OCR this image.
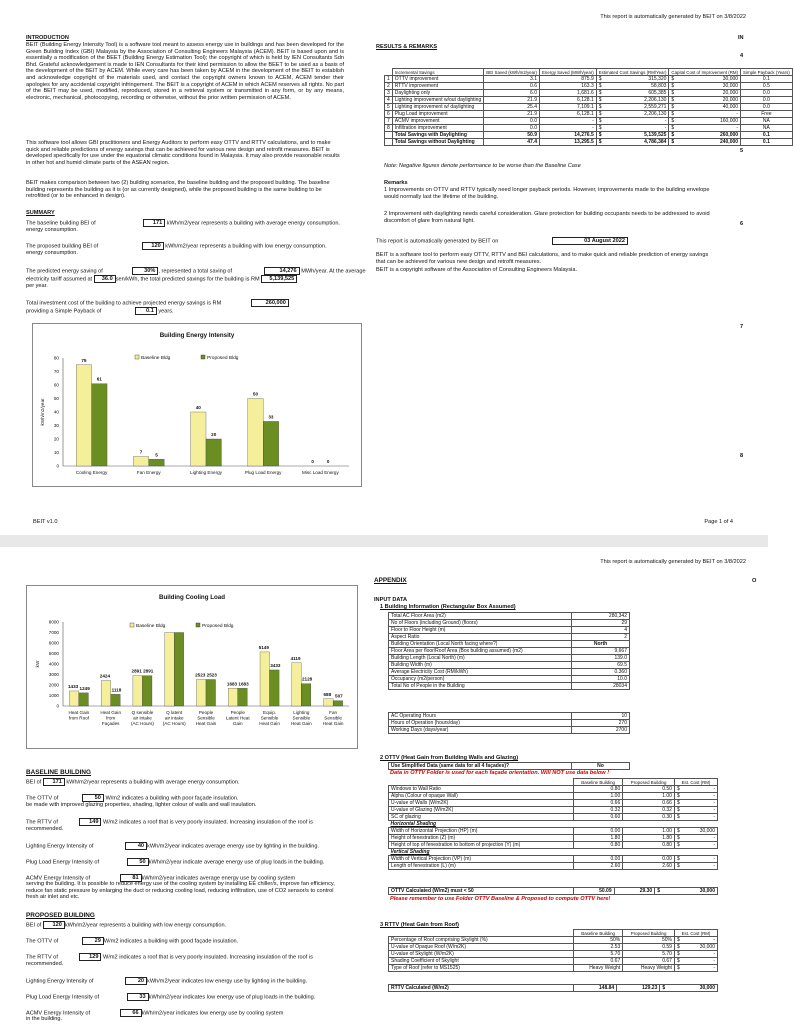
This report is automatically generated by BEIT on 3/8/2022
INTRODUCTION
BEIT (Building Energy Intensity Tool) is a software tool meant to assess energy use in buildings and has been developed for the Green Building Index (GBI) Malaysia by the Association of Consulting Engineers Malaysia (ACEM). BEIT is based upon and is essentially a modification of the BEET (Building Energy Estimation Tool); the copyright of which is held by IEN Consultants Sdn Bhd. Grateful acknowledgement is made to IEN Consultants for their kind permission to allow the BEET to be used as a basis of the development of the BEIT by ACEM. While every care has been taken by ACEM in the development of the BEIT to establish and acknowledge copyright of the materials used, and contact the copyright owners known to ACEM, ACEM tender their apologies for any accidental copyright infringement. The BEIT is a copyright of ACEM in which ACEM reserves all rights. No part of the BEIT may be used, modified, reproduced, stored in a retrieval system or transmitted in any form, or by any means, electronic, mechanical, photocopying, recording or otherwise, without the prior written permission of ACEM.
This software tool allows GBI practitioners and Energy Auditors to perform easy OTTV and RTTV calculations, and to make quick and reliable predictions of energy savings that can be achieved for various new design and retrofit measures. BEIT is developed specifically for use under the equatorial climatic conditions found in Malaysia. It may also provide reasonable results in other hot and humid climate parts of the ASEAN region.
BEIT makes comparison between two (2) building scenarios, the baseline building and the proposed building. The baseline building represents the building as it is (or as currently designed), while the proposed building is the same building to be retrofitted (or to be enhanced in design).
SUMMARY
The baseline building BEI of	171 kWh/m2/year represents a building with average energy consumption.
energy consumption.
The proposed building BEI of	120 kWh/m2/year represents a building with low energy consumption.
energy consumption.
The predicted energy saving of	30% , represented a total saving of	14,276 MWh/year. At the average
electricity tariff assumed at 36.0 sen/kWh, the total predicted savings for the building is RM 5,139,525
per year.
Total investment cost of the building to achieve projected energy savings is RM	260,000
providing a Simple Payback of	0.1 years.
Building Energy Intensity
Baseline Bldg	Proposed Bldg
0
10
20
30
40
50
60
70
80
kWh/m2/year
75
61
Cooling Energy
7
5
Fan Energy
40
20
Lighting Energy
50
33
Plug Load Energy
0	0
Misc Load Energy
RESULTS & REMARKS
	Incremental Savings	BEI Saved (kWh/m2/year)	Energy Saved (MWh/year)	Estimated Cost Savings (RM/Year)		Capital Cost of Improvement (RM)		Simple Payback (Years)
1	OTTV improvement	3.1	875.9	$	315,320	$	30,000	0.1
2	RTTV improvement	0.6	163.3	$	58,803	$	30,000	0.5
3	Daylighting only	6.0	1,681.6	$	605,385	$	20,000	0.0
4	Lighting improvement w/out daylighting	21.9	6,128.1	$	2,206,130	$	20,000	0.0
5	Lighting improvement w/ daylighting	25.4	7,109.1	$	2,559,271	$	40,000	0.0
6	Plug Load improvement	21.9	6,128.1	$	2,206,130	$	-	Free
7	ACMV improvement	0.0	-	$	-	$	160,000	NA
8	Infiltration improvement	0.0	-	$	-	$	-	NA
	Total Savings with Daylighting	50.9	14,276.5	$	5,139,525	$	260,000	0.1
	Total Savings without Daylighting	47.4	13,295.5	$	4,786,384	$	240,000	0.1
Note: Negative figures denote performance to be worse than the Baseline Case
Remarks
1 Improvements on OTTV and RTTV typically need longer payback periods. However, improvements made to the building envelope would normally last the lifetime of the building.
2 Improvement with daylighting needs careful consideration. Glare protection for building occupants needs to be addressed to avoid discomfort of glare from natural light.
This report is automatically generated by BEIT on	03 August 2022
BEIT is a software tool to perform easy OTTV, RTTV and BEI calculations, and to make quick and reliable prediction of energy savings that can be achieved for various new design and retrofit measures.
BEIT is a copyright software of the Association of Consulting Engineers Malaysia.
IN
4
5
6
7
8
BEIT v1.0	Page 1 of 4
This report is automatically generated by BEIT on 3/8/2022
Building Cooling Load
Baseline Bldg	Proposed Bldg
0
1000
2000
3000
4000
5000
6000
7000
8000
kW
1433 1249
Heat Gain from Roof
2424
1118
Heat Gain from Façades
2891 2891
Q sensible air intake (AC Hours)
Q latent air intake (AC Hours)
2523 2523
People Sensible Heat Gain
1683 1683
People Latent Heat Gain
5149
3433
Equip. Sensible Heat Gain
4119
2128
Lighting Sensible Heat Gain
688 507
Fan Sensible Heat Gain
BASELINE BUILDING
BEI of 171 kWh/m2/year represents a building with average energy consumption.
The OTTV of	50 W/m2 indicates a building with poor façade insulation.
be made with improved glazing properties, shading, lighter colour of walls and wall insulation.
The RTTV of	149 W/m2 indicates a roof that is very poorly insulated. Increasing insulation of the roof is
recommended.
Lighting Energy Intensity of	40 kWh/m2/year indicates average energy use by lighting in the building.
Plug Load Energy Intensity of	50 kWh/m2/year indicate average energy use of plug loads in the building.
ACMV Energy Intensity of	81 kWh/m2/year indicates average energy use by cooling system
serving the building. It is possible to reduce energy use of the cooling system by installing EE chiller/s, improve fan efficiency, reduce fan static pressure by enlarging the duct or reducing cooling load, reducing infiltration, use of CO2 sensor/s to control fresh air inlet and etc.
PROPOSED BUILDING
BEI of 120 kWh/m2/year represents a building with low energy consumption.
The OTTV of	29 W/m2 indicates a building with good façade insulation.
The RTTV of	129 W/m2 indicates a roof that is very poorly insulated. Increasing insulation of the roof is
recommended.
Lighting Energy Intensity of	20 kWh/m2/year indicates low energy use by lighting in the building.
Plug Load Energy Intensity of	33 kWh/m2/year indicates low energy use of plug loads in the building.
ACMV Energy Intensity of	66 kWh/m2/year indicates low energy use by cooling system
in the building.
APPENDIX	O
INPUT DATA
1 Building Information (Rectangular Box Assumed)
Total AC Floor Area (m2)	280,342
No of Floors (including Ground) (floors)	29
Floor to Floor Height (m)	4
Aspect Ratio	2
Building Orientation (Local North facing where?)	North
Floor Area per floor/Roof Area (Box building assumed) (m2)	9,667
Building Length (Local North) (m)	139.0
Building Width (m)	69.5
Average Electricity Cost (RM/kWh)	0.360
Occupancy (m2/person)	10.0
Total No of People in the Building	28034
AC Operating Hours	10
Hours of Operation (hours/day)	270
Working Days (days/year)	2700
2 OTTV (Heat Gain from Building Walls and Glazing)
Use Simplified Data (same data for all 4 façades)?	No
Data in OTTV Folder is used for each façade orientation. Will NOT use data below !
	Baseline Building	Proposed Building	Est. Cost (RM)	
Windows to Wall Ratio	0.80	0.50	$	-
Alpha (Colour of opaque Wall)	1.00	1.00	$	-
U-value of Walls (W/m2K)	0.66	0.66	$	-
U-value of Glazing (W/m2K)	0.32	0.32	$	-
SC of glazing	0.60	0.30	$	-
Horizontal Shading				
Width of Horizontal Projection (HP) (m)	0.00	1.00	$	30,000
Height of fenestration (Z) (m)	1.80	1.80	$	-
Height of top of fenestration to bottom of projection (Y) (m)	0.80	0.80	$	-
Vertical Shading				
Width of Vertical Projection (VP) (m)	0.00	0.00	$	-
Length of fenestration (L) (m)	2.60	2.60	$	-
OTTV Calculated (W/m2) must < 50	50.09	29.30	$	30,000
Please remember to use Folder OTTV Baseline & Proposed to compute OTTV here!
3 RTTV (Heat Gain from Roof)
	Baseline Building	Proposed Building	Est. Cost (RM)	
Percentage of Roof comprising Skylight (%)	50%	50%	$	-
U-value of Opaque Roof (W/m2K)	2.53	0.59	$	30,000
U-value of Skylight (W/m2K)	5.70	5.70	$	-
Shading Coefficient of Skylight	0.67	0.67	$	-
Type of Roof (refer to MS1525)	Heavy Weight	Heavy Weight	$	-
RTTV Calculated (W/m2)	148.84	129.23	$	30,000
